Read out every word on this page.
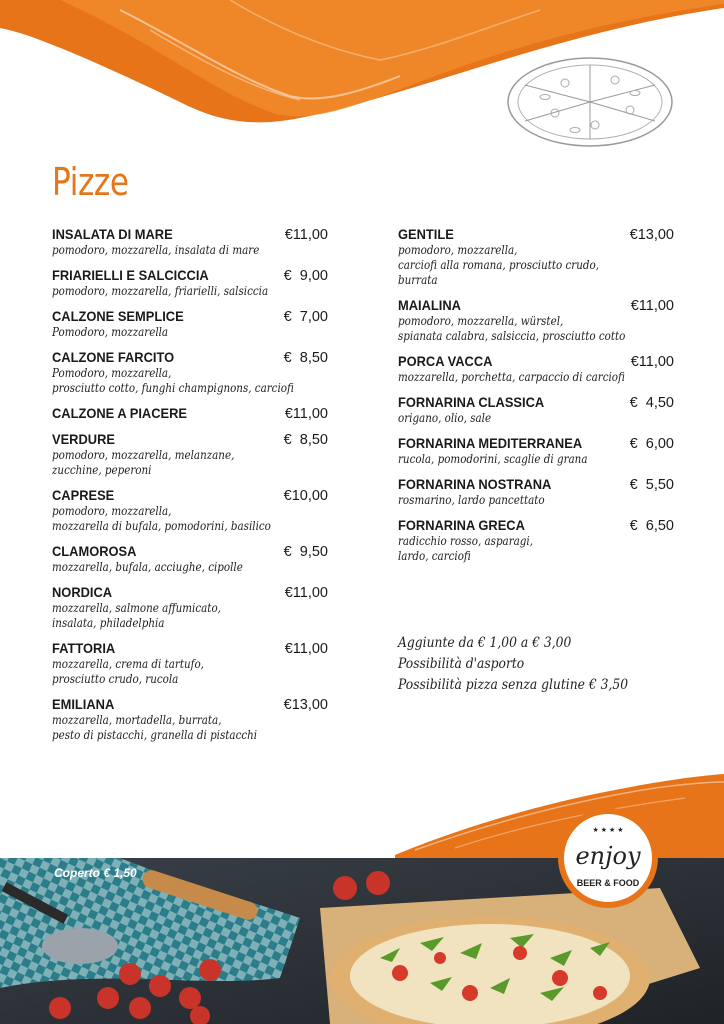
Pizze
INSALATA DI MARE	€11,00
pomodoro, mozzarella, insalata di mare
FRIARIELLI E SALCICCIA	€  9,00
pomodoro, mozzarella, friarielli, salsiccia
CALZONE SEMPLICE	€  7,00
Pomodoro, mozzarella
CALZONE FARCITO	€  8,50
Pomodoro, mozzarella,
prosciutto cotto, funghi champignons, carciofi
CALZONE A PIACERE	€11,00
VERDURE	€  8,50
pomodoro, mozzarella, melanzane,
zucchine, peperoni
CAPRESE	€10,00
pomodoro, mozzarella,
mozzarella di bufala, pomodorini, basilico
CLAMOROSA	€  9,50
mozzarella, bufala, acciughe, cipolle
NORDICA	€11,00
mozzarella, salmone affumicato,
insalata, philadelphia
FATTORIA	€11,00
mozzarella, crema di tartufo,
prosciutto crudo, rucola
EMILIANA	€13,00
mozzarella, mortadella, burrata,
pesto di pistacchi, granella di pistacchi
GENTILE	€13,00
pomodoro, mozzarella,
carciofi alla romana, prosciutto crudo,
burrata
MAIALINA	€11,00
pomodoro, mozzarella, würstel,
spianata calabra, salsiccia, prosciutto cotto
PORCA VACCA	€11,00
mozzarella, porchetta, carpaccio di carciofi
FORNARINA CLASSICA	€  4,50
origano, olio, sale
FORNARINA MEDITERRANEA	€  6,00
rucola, pomodorini, scaglie di grana
FORNARINA NOSTRANA	€  5,50
rosmarino, lardo pancettato
FORNARINA GRECA	€  6,50
radicchio rosso, asparagi,
lardo, carciofi
Aggiunte da € 1,00 a € 3,00
Possibilità d'asporto
Possibilità pizza senza glutine € 3,50
Coperto € 1,50
enjoy
BEER & FOOD
★ ★ ★ ★
